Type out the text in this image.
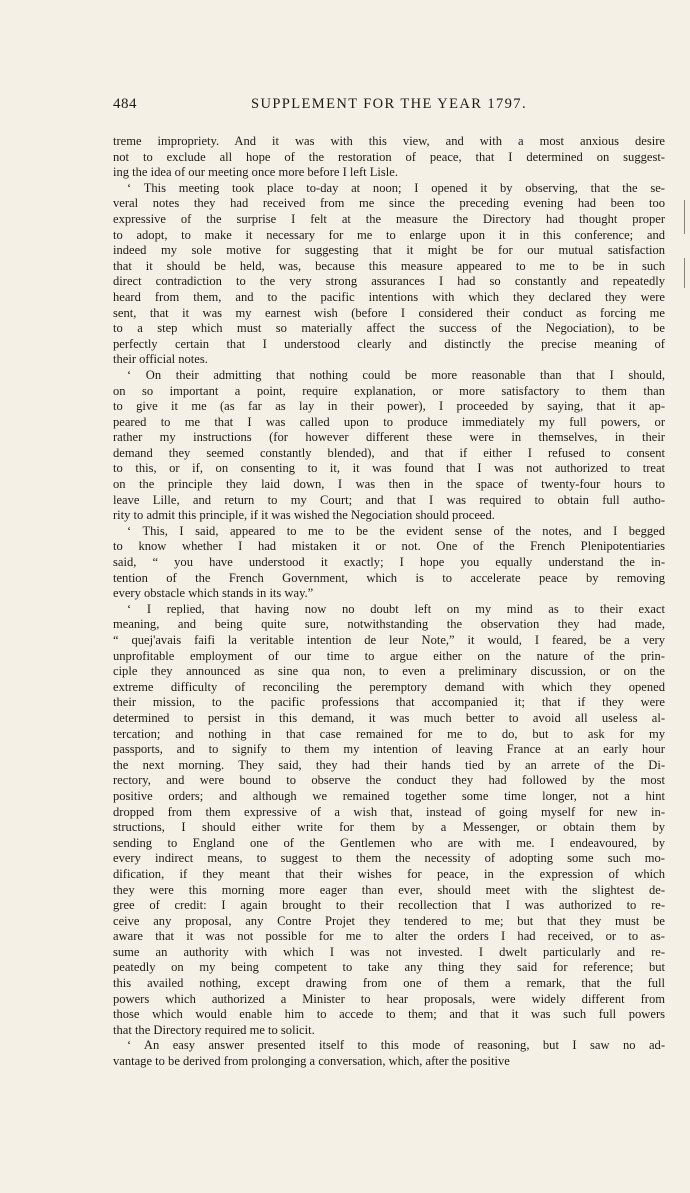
484	SUPPLEMENT FOR THE YEAR 1797.

treme impropriety. And it was with this view, and with a most anxious desire
not to exclude all hope of the restoration of peace, that I determined on suggest-
ing the idea of our meeting once more before I left Lisle.

‘ This meeting took place to-day at noon; I opened it by observing, that the se-
veral notes they had received from me since the preceding evening had been too
expressive of the surprise I felt at the measure the Directory had thought proper
to adopt, to make it necessary for me to enlarge upon it in this conference; and
indeed my sole motive for suggesting that it might be for our mutual satisfaction
that it should be held, was, because this measure appeared to me to be in such
direct contradiction to the very strong assurances I had so constantly and repeatedly
heard from them, and to the pacific intentions with which they declared they were
sent, that it was my earnest wish (before I considered their conduct as forcing me
to a step which must so materially affect the success of the Negociation), to be
perfectly certain that I understood clearly and distinctly the precise meaning of
their official notes.

‘ On their admitting that nothing could be more reasonable than that I should,
on so important a point, require explanation, or more satisfactory to them than
to give it me (as far as lay in their power), I proceeded by saying, that it ap-
peared to me that I was called upon to produce immediately my full powers, or
rather my instructions (for however different these were in themselves, in their
demand they seemed constantly blended), and that if either I refused to consent
to this, or if, on consenting to it, it was found that I was not authorized to treat
on the principle they laid down, I was then in the space of twenty-four hours to
leave Lille, and return to my Court; and that I was required to obtain full autho-
rity to admit this principle, if it was wished the Negociation should proceed.

‘ This, I said, appeared to me to be the evident sense of the notes, and I begged
to know whether I had mistaken it or not. One of the French Plenipotentiaries
said, “ you have understood it exactly; I hope you equally understand the in-
tention of the French Government, which is to accelerate peace by removing
every obstacle which stands in its way.”

‘ I replied, that having now no doubt left on my mind as to their exact
meaning, and being quite sure, notwithstanding the observation they had made,
“ quej'avais faifi la veritable intention de leur Note,” it would, I feared, be a very
unprofitable employment of our time to argue either on the nature of the prin-
ciple they announced as sine qua non, to even a preliminary discussion, or on the
extreme difficulty of reconciling the peremptory demand with which they opened
their mission, to the pacific professions that accompanied it; that if they were
determined to persist in this demand, it was much better to avoid all useless al-
tercation; and nothing in that case remained for me to do, but to ask for my
passports, and to signify to them my intention of leaving France at an early hour
the next morning. They said, they had their hands tied by an arrete of the Di-
rectory, and were bound to observe the conduct they had followed by the most
positive orders; and although we remained together some time longer, not a hint
dropped from them expressive of a wish that, instead of going myself for new in-
structions, I should either write for them by a Messenger, or obtain them by
sending to England one of the Gentlemen who are with me. I endeavoured, by
every indirect means, to suggest to them the necessity of adopting some such mo-
dification, if they meant that their wishes for peace, in the expression of which
they were this morning more eager than ever, should meet with the slightest de-
gree of credit: I again brought to their recollection that I was authorized to re-
ceive any proposal, any Contre Projet they tendered to me; but that they must be
aware that it was not possible for me to alter the orders I had received, or to as-
sume an authority with which I was not invested. I dwelt particularly and re-
peatedly on my being competent to take any thing they said for reference; but
this availed nothing, except drawing from one of them a remark, that the full
powers which authorized a Minister to hear proposals, were widely different from
those which would enable him to accede to them; and that it was such full powers
that the Directory required me to solicit.

‘ An easy answer presented itself to this mode of reasoning, but I saw no ad-
vantage to be derived from prolonging a conversation, which, after the positive
